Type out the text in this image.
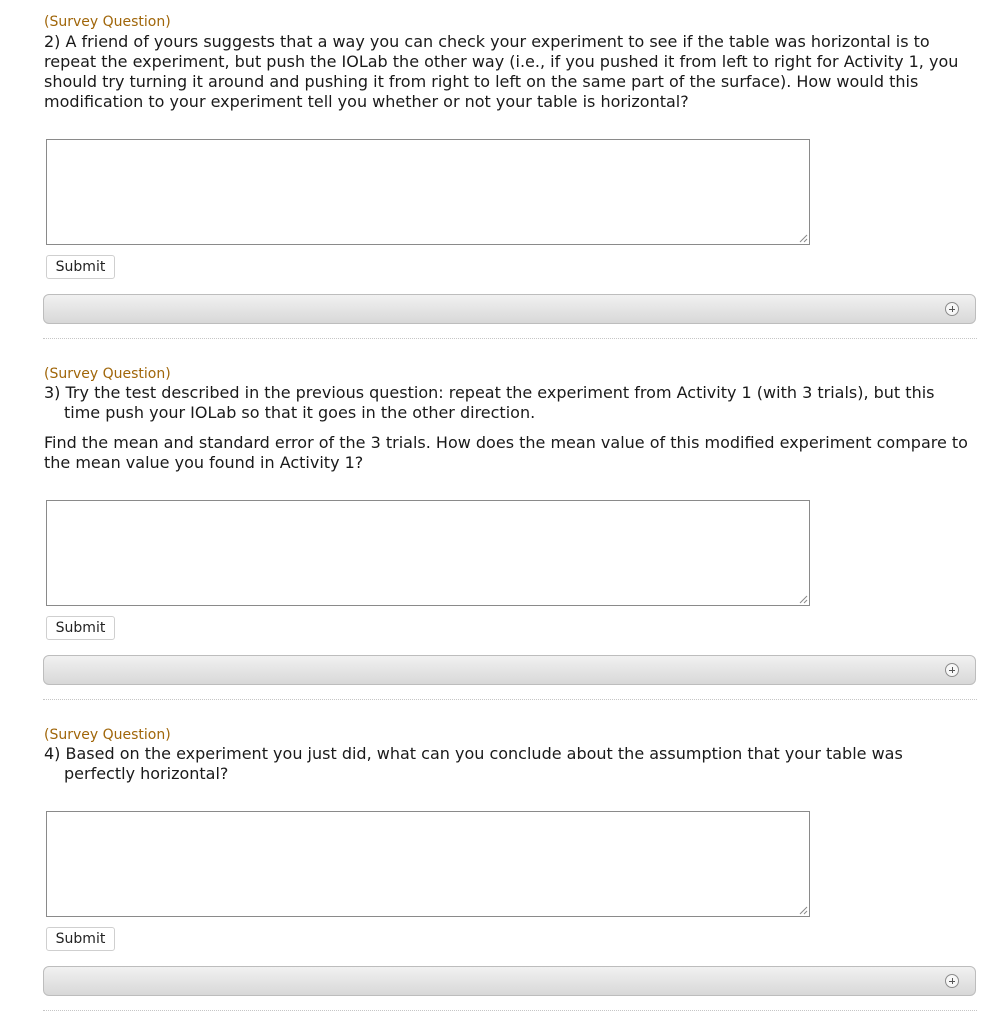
(Survey Question)

2) A friend of yours suggests that a way you can check your experiment to see if the table was horizontal is to repeat the experiment, but push the IOLab the other way (i.e., if you pushed it from left to right for Activity 1, you should try turning it around and pushing it from right to left on the same part of the surface). How would this modification to your experiment tell you whether or not your table is horizontal?

Submit
(Survey Question)

3) Try the test described in the previous question: repeat the experiment from Activity 1 (with 3 trials), but this time push your IOLab so that it goes in the other direction.

Find the mean and standard error of the 3 trials. How does the mean value of this modified experiment compare to the mean value you found in Activity 1?

Submit
(Survey Question)

4) Based on the experiment you just did, what can you conclude about the assumption that your table was perfectly horizontal?

Submit
